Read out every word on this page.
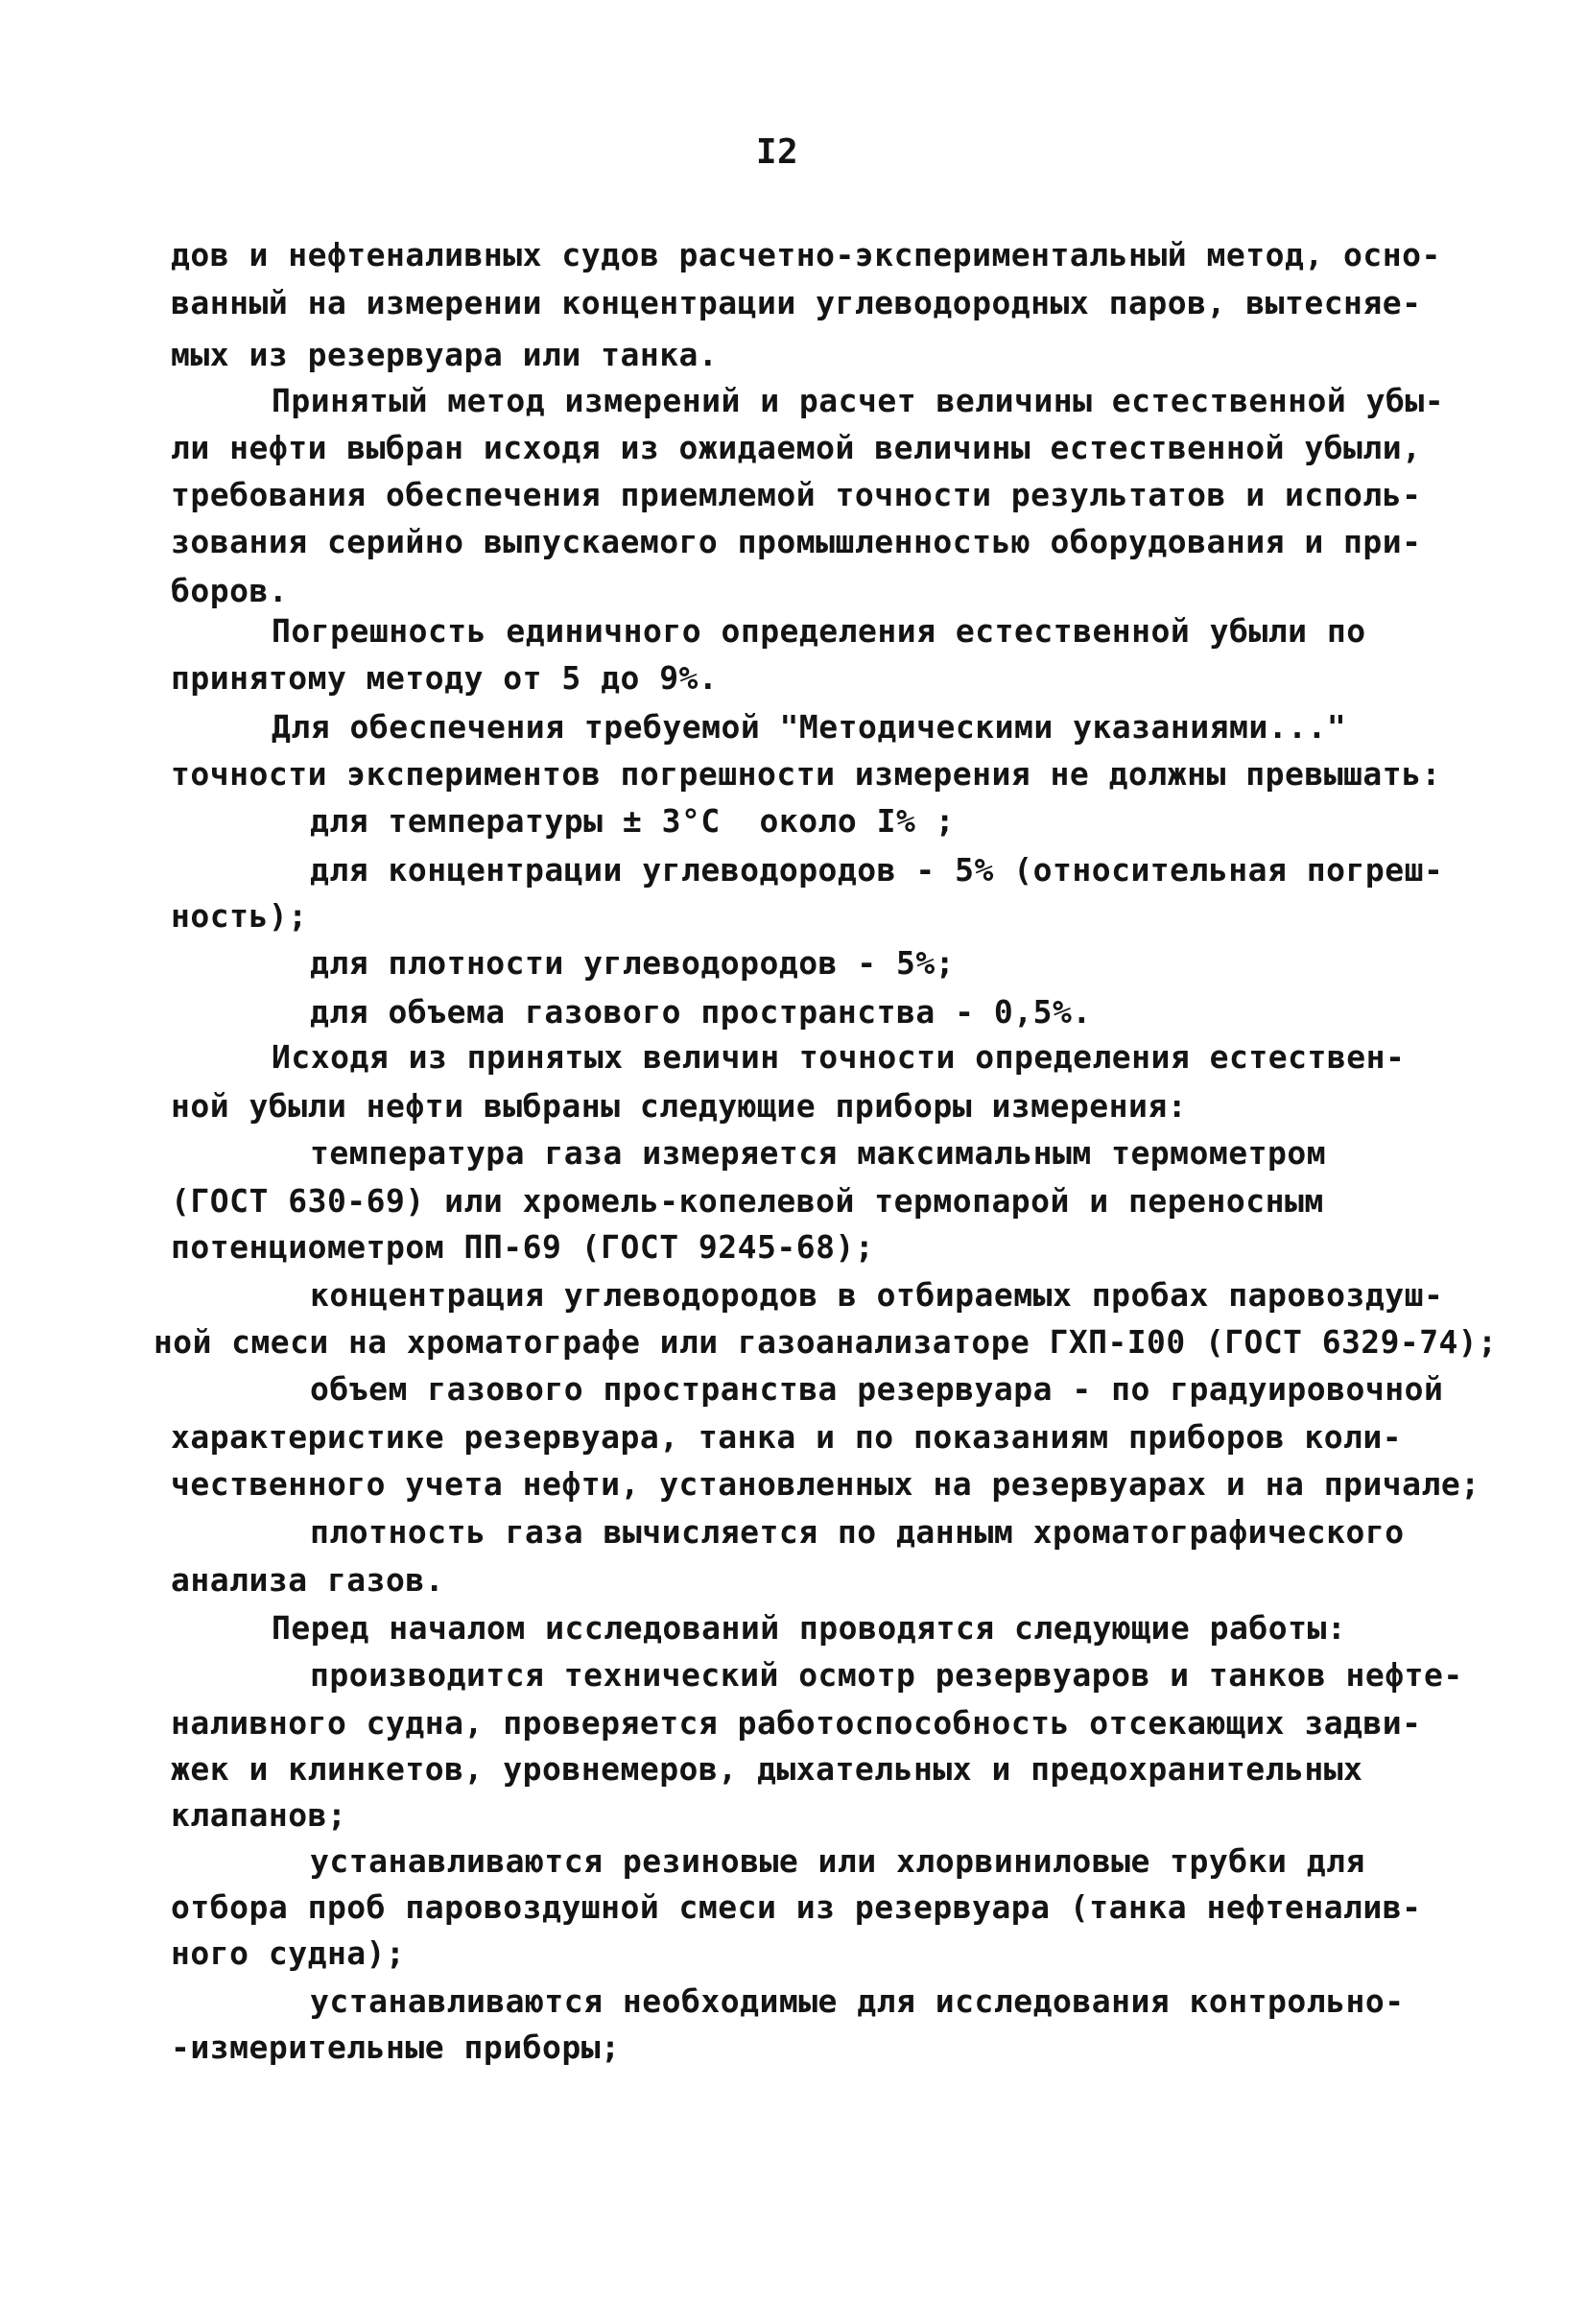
I2
дов и нефтеналивных судов расчетно-экспериментальный метод, осно-
ванный на измерении концентрации углеводородных паров, вытесняе-
мых из резервуара или танка.
Принятый метод измерений и расчет величины естественной убы-
ли нефти выбран исходя из ожидаемой величины естественной убыли,
требования обеспечения приемлемой точности результатов и исполь-
зования серийно выпускаемого промышленностью оборудования и при-
боров.
Погрешность единичного определения естественной убыли по
принятому методу от 5 до 9%.
Для обеспечения требуемой "Методическими указаниями..."
точности экспериментов погрешности измерения не должны превышать:
для температуры ± 3°С  около I% ;
для концентрации углеводородов - 5% (относительная погреш-
ность);
для плотности углеводородов - 5%;
для объема газового пространства - 0,5%.
Исходя из принятых величин точности определения естествен-
ной убыли нефти выбраны следующие приборы измерения:
температура газа измеряется максимальным термометром
(ГОСТ 630-69) или хромель-копелевой термопарой и переносным
потенциометром ПП-69 (ГОСТ 9245-68);
концентрация углеводородов в отбираемых пробах паровоздуш-
ной смеси на хроматографе или газоанализаторе ГХП-I00 (ГОСТ 6329-74);
объем газового пространства резервуара - по градуировочной
характеристике резервуара, танка и по показаниям приборов коли-
чественного учета нефти, установленных на резервуарах и на причале;
плотность газа вычисляется по данным хроматографического
анализа газов.
Перед началом исследований проводятся следующие работы:
производится технический осмотр резервуаров и танков нефте-
наливного судна, проверяется работоспособность отсекающих задви-
жек и клинкетов, уровнемеров, дыхательных и предохранительных
клапанов;
устанавливаются резиновые или хлорвиниловые трубки для
отбора проб паровоздушной смеси из резервуара (танка нефтеналив-
ного судна);
устанавливаются необходимые для исследования контрольно-
-измерительные приборы;
